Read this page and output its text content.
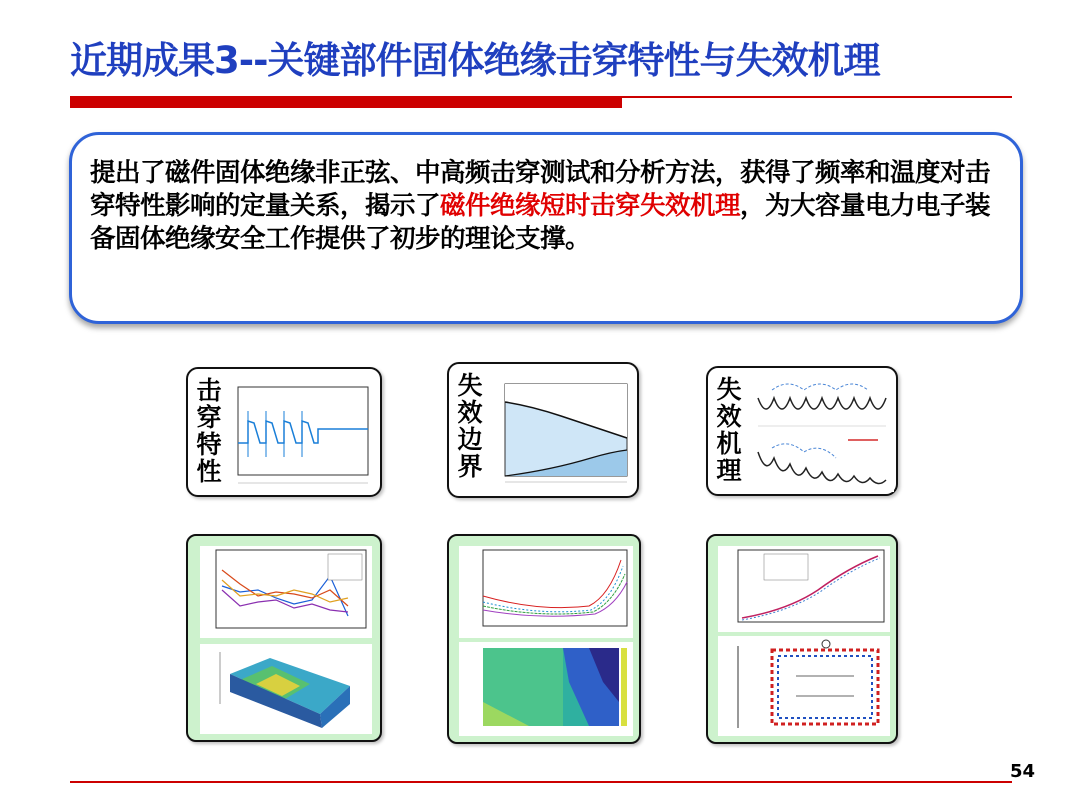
近期成果3--关键部件固体绝缘击穿特性与失效机理
提出了磁件固体绝缘非正弦、中高频击穿测试和分析方法，获得了频率和温度对击穿特性影响的定量关系，揭示了磁件绝缘短时击穿失效机理，为大容量电力电子装备固体绝缘安全工作提供了初步的理论支撑。
击穿特性
失效边界
失效机理
54
